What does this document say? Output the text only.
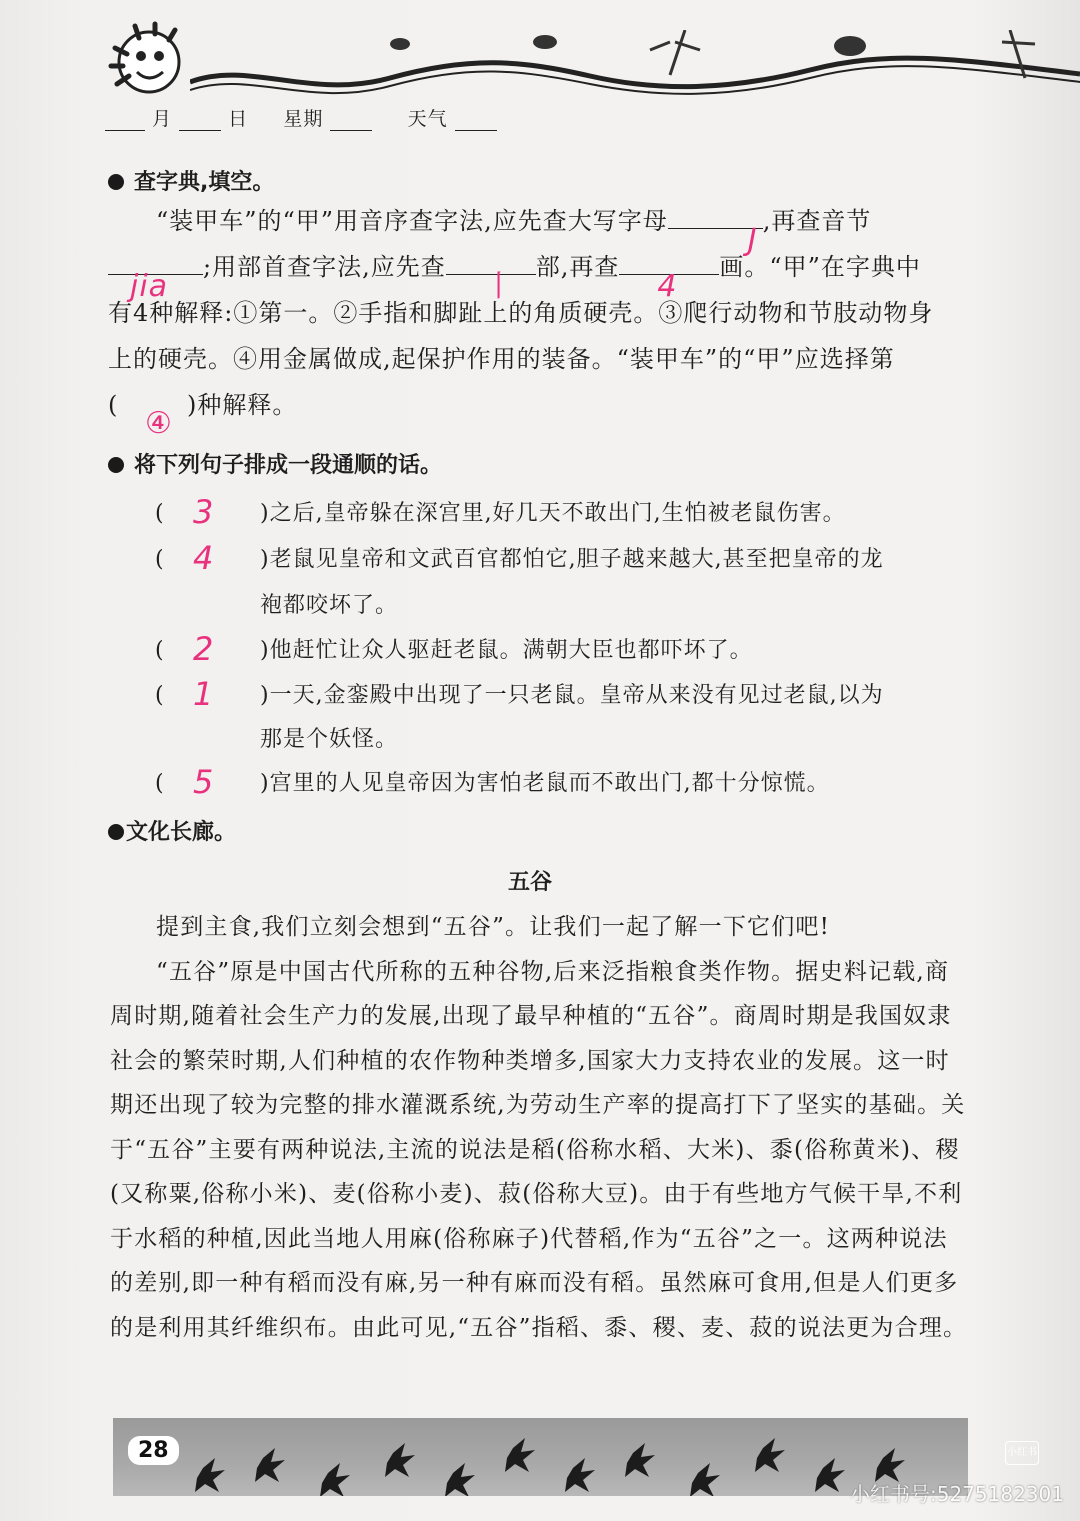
月	日 星期	天气
查字典,填空。

“装甲车”的“甲”用音序查字法,应先查大写字母
J
,再查音节

jia
;用部首查字法,应先查
丨
部,再查
4
画。“甲”在字典中

有4种解释:①第一。②手指和脚趾上的角质硬壳。③爬行动物和节肢动物身

上的硬壳。④用金属做成,起保护作用的装备。“装甲车”的“甲”应选择第

(
④
)种解释。

将下列句子排成一段通顺的话。
( 3 )之后,皇帝躲在深宫里,好几天不敢出门,生怕被老鼠伤害。
( 4 )老鼠见皇帝和文武百官都怕它,胆子越来越大,甚至把皇帝的龙
袍都咬坏了。
( 2 )他赶忙让众人驱赶老鼠。满朝大臣也都吓坏了。
( 1 )一天,金銮殿中出现了一只老鼠。皇帝从来没有见过老鼠,以为
那是个妖怪。
( 5 )宫里的人见皇帝因为害怕老鼠而不敢出门,都十分惊慌。
文化长廊。
五谷

提到主食,我们立刻会想到“五谷”。让我们一起了解一下它们吧!

“五谷”原是中国古代所称的五种谷物,后来泛指粮食类作物。据史料记载,商周时期,随着社会生产力的发展,出现了最早种植的“五谷”。商周时期是我国奴隶社会的繁荣时期,人们种植的农作物种类增多,国家大力支持农业的发展。这一时期还出现了较为完整的排水灌溉系统,为劳动生产率的提高打下了坚实的基础。关于“五谷”主要有两种说法,主流的说法是稻(俗称水稻、大米)、黍(俗称黄米)、稷(又称粟,俗称小米)、麦(俗称小麦)、菽(俗称大豆)。由于有些地方气候干旱,不利于水稻的种植,因此当地人用麻(俗称麻子)代替稻,作为“五谷”之一。这两种说法的差别,即一种有稻而没有麻,另一种有麻而没有稻。虽然麻可食用,但是人们更多的是利用其纤维织布。由此可见,“五谷”指稻、黍、稷、麦、菽的说法更为合理。

28	小红书
小红书号:5275182301
